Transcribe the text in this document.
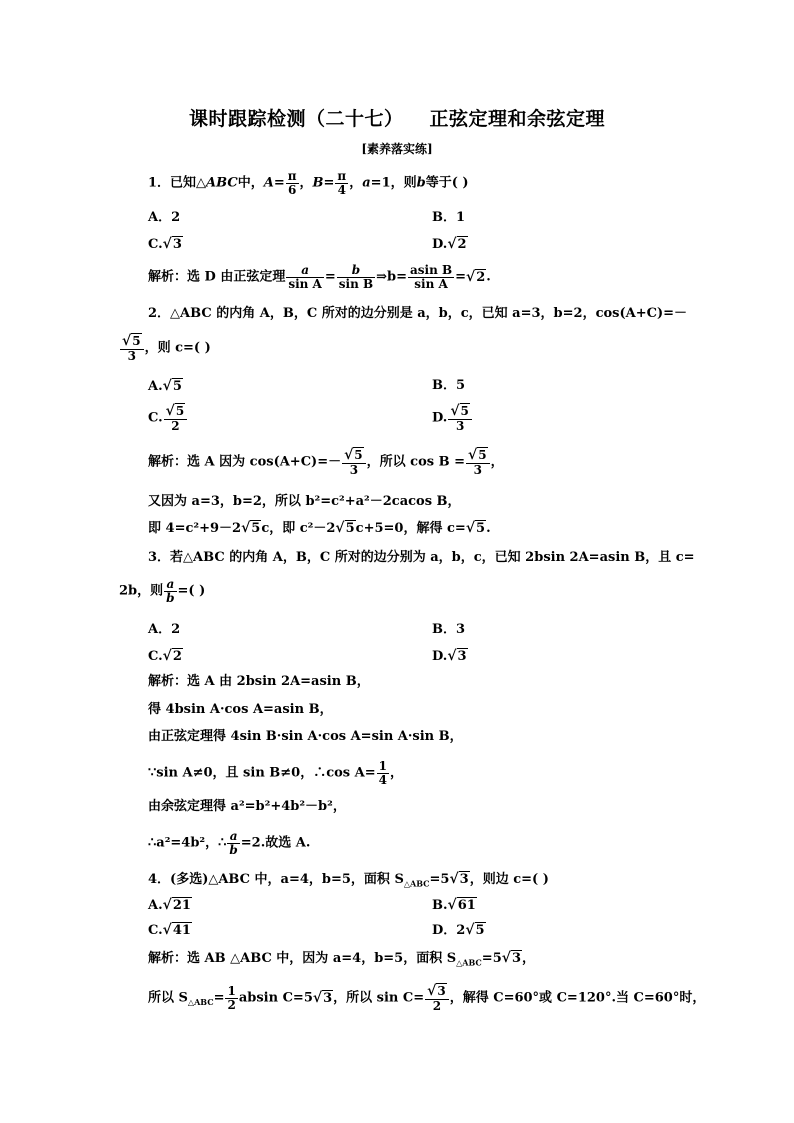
课时跟踪检测（二十七） 正弦定理和余弦定理
[素养落实练]
1．已知△ABC中，$A= \frac{\pi}{6}$ ，$B= \frac{\pi}{4}$ ，a=1，则b等于( )
A．2	B．1
C.√3	D.√2
解析：选 D 由正弦定理 $\frac{a}{\text{sin A}} = \frac{b}{\text{sin B}}$ ⇒b= $\frac{\text{asin B}}{\text{sin A}} =√2$.
2．△ABC 的内角 A，B，C 所对的边分别是 a，b，c，已知 a=3，b=2，cos(A+C)=－
$\frac{√5}{3}$ ，则 c=( )
A.√5	B．5
C. $\frac{√5}{2}$	D. $\frac{√5}{3}$
解析：选 A 因为 $\cos(A+C)=- \frac{√5}{3}$ ，所以 $\cos B = \frac{√5}{3}$ ，
又因为 a=3，b=2，所以 b²=c²+a²－2cacos B，
即 4=c²+9－2√5c，即 c²－2√5c+5=0，解得 c=√5.
3．若△ABC 的内角 A，B，C 所对的边分别为 a，b，c，已知 2bsin 2A=asin B，且 c=
2b，则 $\frac{a}{b}$ =( )
A．2	B．3
C.√2	D.√3
解析：选 A 由 2bsin 2A=asin B，
得 4bsin A·cos A=asin B，
由正弦定理得 4sin B·sin A·cos A=sin A·sin B，
∵sin A≠0，且 sin B≠0，∴cos $A= \frac{1}{4}$ ，
由余弦定理得 a²=b²+4b²－b²，
∴a²=4b²，∴ $\frac{a}{b} =2$.故选 A.
4．(多选)△ABC 中，a=4，b=5，面积 $S_{\triangle ABC}=5√3$，则边 c=( )
A.√21	B.√61
C.√41	D．2√5
解析：选 AB △ABC 中，因为 a=4，b=5，面积 $S_{\triangle ABC}=5√3$，
所以 $S_{\triangle ABC}= \frac{1}{2}$ absin C=5√3，所以 $\sin C= \frac{√3}{2}$ ，解得 C=60°或 C=120°.当 C=60°时，
